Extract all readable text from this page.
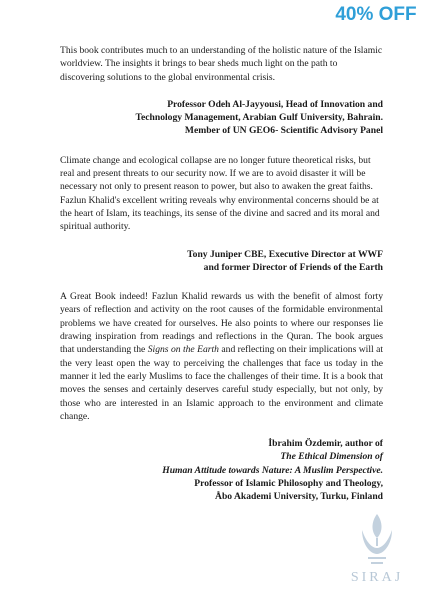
40% OFF

This book contributes much to an understanding of the holistic nature of the Islamic worldview. The insights it brings to bear sheds much light on the path to discovering solutions to the global environmental crisis.

Professor Odeh Al-Jayyousi, Head of Innovation and
Technology Management, Arabian Gulf University, Bahrain.
Member of UN GEO6- Scientific Advisory Panel

Climate change and ecological collapse are no longer future theoretical risks, but real and present threats to our security now. If we are to avoid disaster it will be necessary not only to present reason to power, but also to awaken the great faiths. Fazlun Khalid's excellent writing reveals why environmental concerns should be at the heart of Islam, its teachings, its sense of the divine and sacred and its moral and spiritual authority.

Tony Juniper CBE, Executive Director at WWF
and former Director of Friends of the Earth

A Great Book indeed! Fazlun Khalid rewards us with the benefit of almost forty years of reflection and activity on the root causes of the formidable environmental problems we have created for ourselves. He also points to where our responses lie drawing inspiration from readings and reflections in the Quran. The book argues that understanding the Signs on the Earth and reflecting on their implications will at the very least open the way to perceiving the challenges that face us today in the manner it led the early Muslims to face the challenges of their time. It is a book that moves the senses and certainly deserves careful study especially, but not only, by those who are interested in an Islamic approach to the environment and climate change.

İbrahim Özdemir, author of
The Ethical Dimension of
Human Attitude towards Nature: A Muslim Perspective.
Professor of Islamic Philosophy and Theology,
Åbo Akademi University, Turku, Finland
SIRAJ
